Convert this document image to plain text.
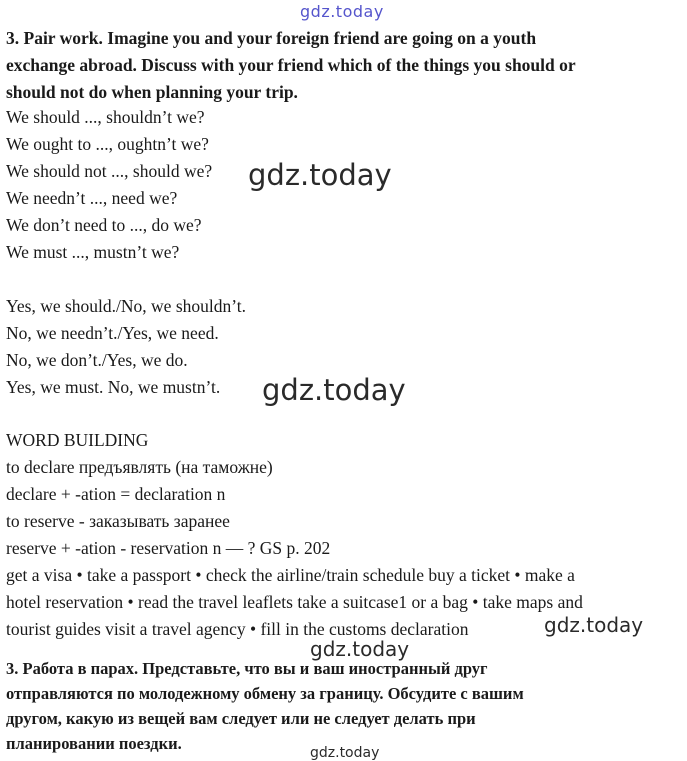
gdz.today
gdz.today
gdz.today
gdz.today
gdz.today
gdz.today
3. Pair work. Imagine you and your foreign friend are going on a youth
exchange abroad. Discuss with your friend which of the things you should or
should not do when planning your trip.
We should ..., shouldn’t we?
We ought to ..., oughtn’t we?
We should not ..., should we?
We needn’t ..., need we?
We don’t need to ..., do we?
We must ..., mustn’t we?
Yes, we should./No, we shouldn’t.
No, we needn’t./Yes, we need.
No, we don’t./Yes, we do.
Yes, we must. No, we mustn’t.
WORD BUILDING
to declare предъявлять (на таможне)
declare + -ation = declaration n
to reserve - заказывать заранее
reserve + -ation - reservation n — ? GS p. 202
get a visa • take a passport • check the airline/train schedule buy a ticket • make a
hotel reservation • read the travel leaflets take a suitcase1 or a bag • take maps and
tourist guides visit a travel agency • fill in the customs declaration
3. Работа в парах. Представьте, что вы и ваш иностранный друг
отправляются по молодежному обмену за границу. Обсудите с вашим
другом, какую из вещей вам следует или не следует делать при
планировании поездки.
